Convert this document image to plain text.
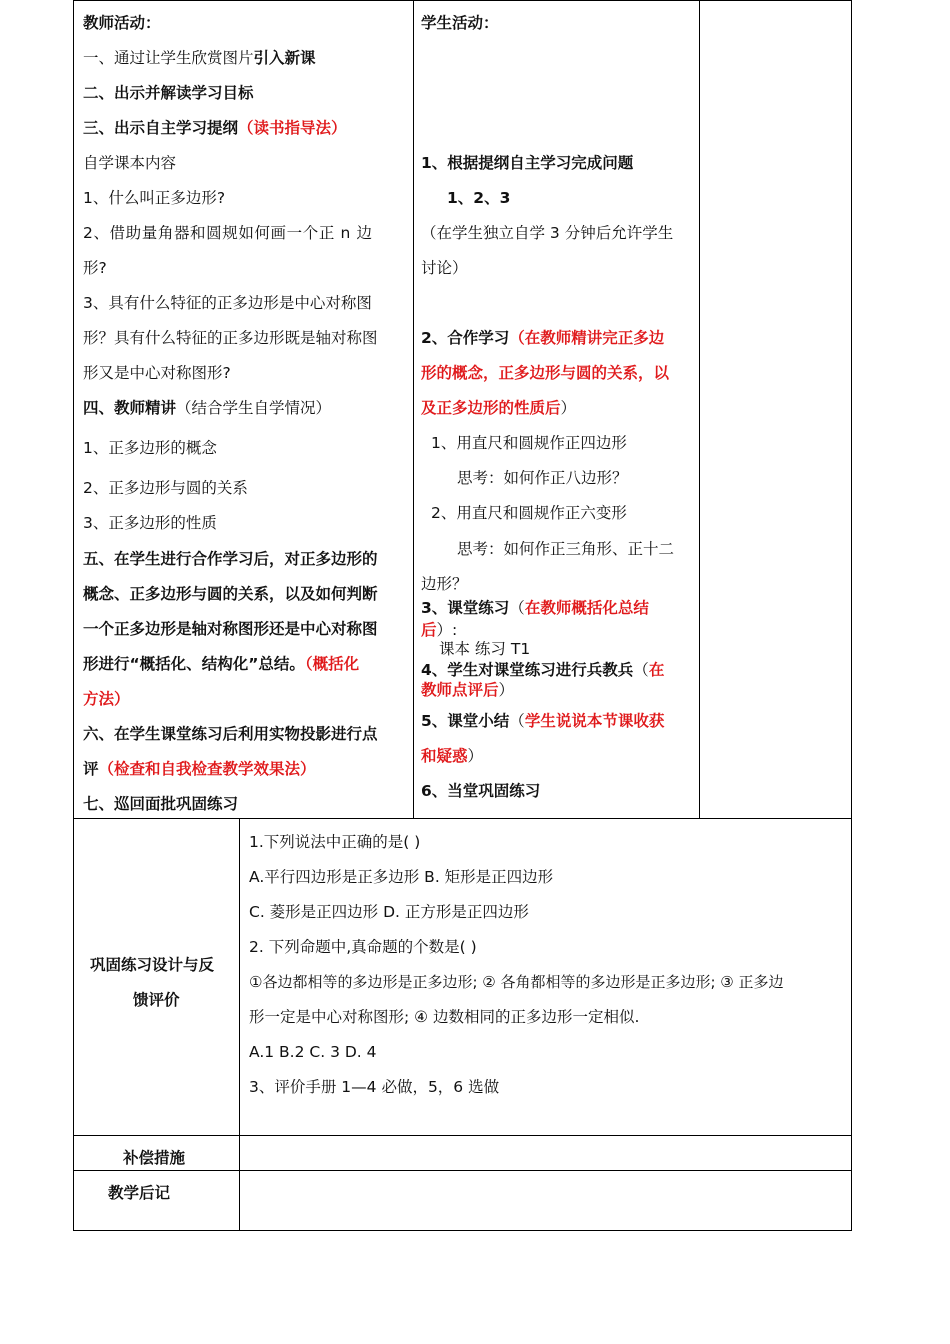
教师活动：
一、通过让学生欣赏图片引入新课
二、出示并解读学习目标
三、出示自主学习提纲（读书指导法）
自学课本内容
1、什么叫正多边形?
2、借助量角器和圆规如何画一个正 n 边
形?
3、具有什么特征的正多边形是中心对称图
形？具有什么特征的正多边形既是轴对称图
形又是中心对称图形?
四、教师精讲（结合学生自学情况）
1、正多边形的概念
2、正多边形与圆的关系
3、正多边形的性质
五、在学生进行合作学习后，对正多边形的
概念、正多边形与圆的关系，以及如何判断
一个正多边形是轴对称图形还是中心对称图
形进行“概括化、结构化”总结。（概括化
方法）
六、在学生课堂练习后利用实物投影进行点
评（检查和自我检查教学效果法）
七、巡回面批巩固练习
学生活动：
1、根据提纲自主学习完成问题
1、2、3
（在学生独立自学 3 分钟后允许学生
讨论）
2、合作学习（在教师精讲完正多边
形的概念，正多边形与圆的关系，以
及正多边形的性质后）
1、用直尺和圆规作正四边形
思考：如何作正八边形？
2、用直尺和圆规作正六变形
思考：如何作正三角形、正十二
边形？
3、课堂练习（在教师概括化总结
后）:
课本 练习 T1
4、学生对课堂练习进行兵教兵（在
教师点评后）
5、课堂小结（学生说说本节课收获
和疑惑）
6、当堂巩固练习
巩固练习设计与反
馈评价
1.下列说法中正确的是( )
A.平行四边形是正多边形 B. 矩形是正四边形
C. 菱形是正四边形 D. 正方形是正四边形
2. 下列命题中,真命题的个数是( )
①各边都相等的多边形是正多边形; ② 各角都相等的多边形是正多边形; ③ 正多边
形一定是中心对称图形; ④ 边数相同的正多边形一定相似.
A.1 B.2 C. 3 D. 4
3、评价手册 1—4 必做，5，6 选做
补偿措施
教学后记
